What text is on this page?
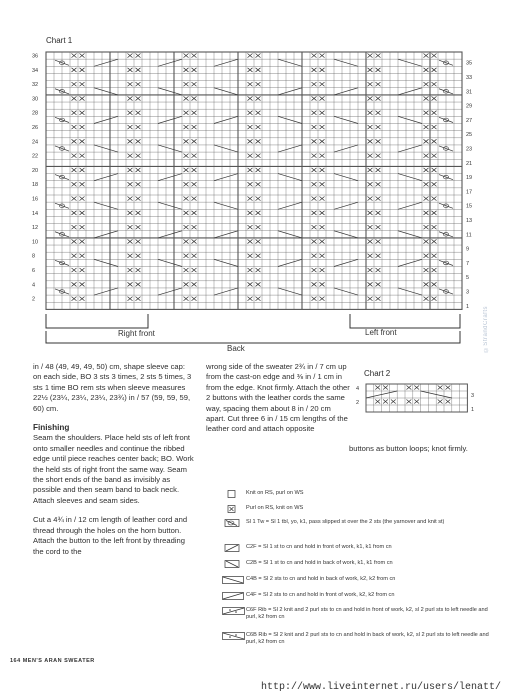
Chart 1
36
34
32
30
28
26
24
22
20
18
16
14
12
10
8
6
4
2
35
33
31
29
27
25
23
21
19
17
15
13
11
9
7
5
3
1
Right front	Left front
Back
Chart 2
4
2
3
1

in / 48 (49, 49, 49, 50) cm, shape sleeve cap: on each side, BO 3 sts 3 times, 2 sts 5 times, 3 sts 1 time BO rem sts when sleeve measures 22½ (23¼, 23¼, 23¼, 23¾) in / 57 (59, 59, 59, 60) cm.

Finishing

Seam the shoulders. Place held sts of left front onto smaller needles and continue the ribbed edge until piece reaches center back; BO. Work the held sts of right front the same way. Seam the short ends of the band as invisibly as possible and then seam band to back neck. Attach sleeves and seam sides.

Cut a 4¾ in / 12 cm length of leather cord and thread through the holes on the horn button. Attach the button to the left front by threading the cord to the

wrong side of the sweater 2¾ in / 7 cm up from the cast-on edge and ⅜ in / 1 cm in from the edge. Knot firmly. Attach the other 2 buttons with the leather cords the same way, spacing them about 8 in / 20 cm apart. Cut three 6 in / 15 cm lengths of the leather cord and attach opposite

buttons as button loops; knot firmly.

Knit on RS, purl on WS
Purl on RS, knit on WS
Sl 1 Tw = Sl 1 tbl, yo, k1, pass slipped st over the 2 sts (the yarnover and knit st)
C2F = Sl 1 st to cn and hold in front of work, k1, k1 from cn
C2B = Sl 1 st to cn and hold in back of work, k1, k1 from cn
C4B = Sl 2 sts to cn and hold in back of work, k2, k2 from cn
C4F = Sl 2 sts to cn and hold in front of work, k2, k2 from cn
C6F Rib = Sl 2 knit and 2 purl sts to cn and hold in front of work, k2, sl 2 purl sts to left needle and purl, k2 from cn
C6B Rib = Sl 2 knit and 2 purl sts to cn and hold in back of work, k2, sl 2 purl sts to left needle and purl, k2 from cn
©StrandCrafts
164 MEN'S ARAN SWEATER
http://www.liveinternet.ru/users/lenatt/
